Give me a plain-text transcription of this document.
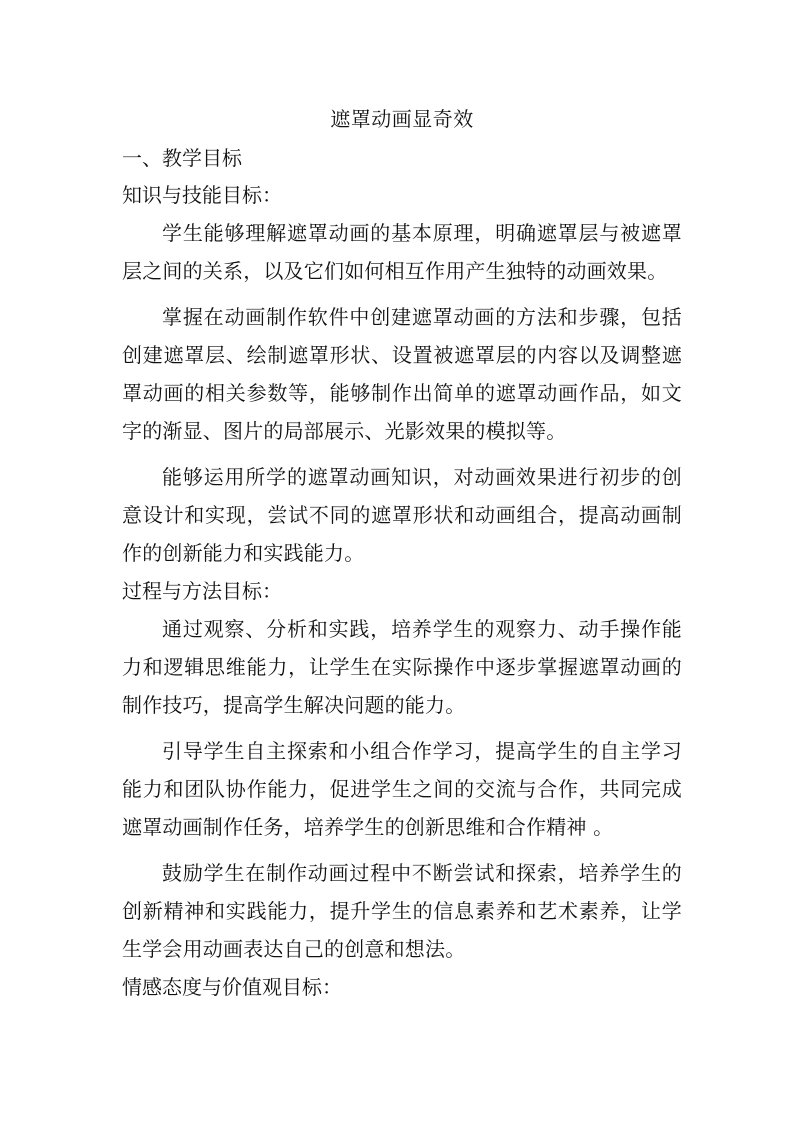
遮罩动画显奇效
一、教学目标

知识与技能目标：

学生能够理解遮罩动画的基本原理，明确遮罩层与被遮罩层之间的关系，以及它们如何相互作用产生独特的动画效果。

掌握在动画制作软件中创建遮罩动画的方法和步骤，包括创建遮罩层、绘制遮罩形状、设置被遮罩层的内容以及调整遮罩动画的相关参数等，能够制作出简单的遮罩动画作品，如文字的渐显、图片的局部展示、光影效果的模拟等。

能够运用所学的遮罩动画知识，对动画效果进行初步的创意设计和实现，尝试不同的遮罩形状和动画组合，提高动画制作的创新能力和实践能力。

过程与方法目标：

通过观察、分析和实践，培养学生的观察力、动手操作能力和逻辑思维能力，让学生在实际操作中逐步掌握遮罩动画的制作技巧，提高学生解决问题的能力。

引导学生自主探索和小组合作学习，提高学生的自主学习能力和团队协作能力，促进学生之间的交流与合作，共同完成遮罩动画制作任务，培养学生的创新思维和合作精神 。

鼓励学生在制作动画过程中不断尝试和探索，培养学生的创新精神和实践能力，提升学生的信息素养和艺术素养，让学生学会用动画表达自己的创意和想法。

情感态度与价值观目标：
